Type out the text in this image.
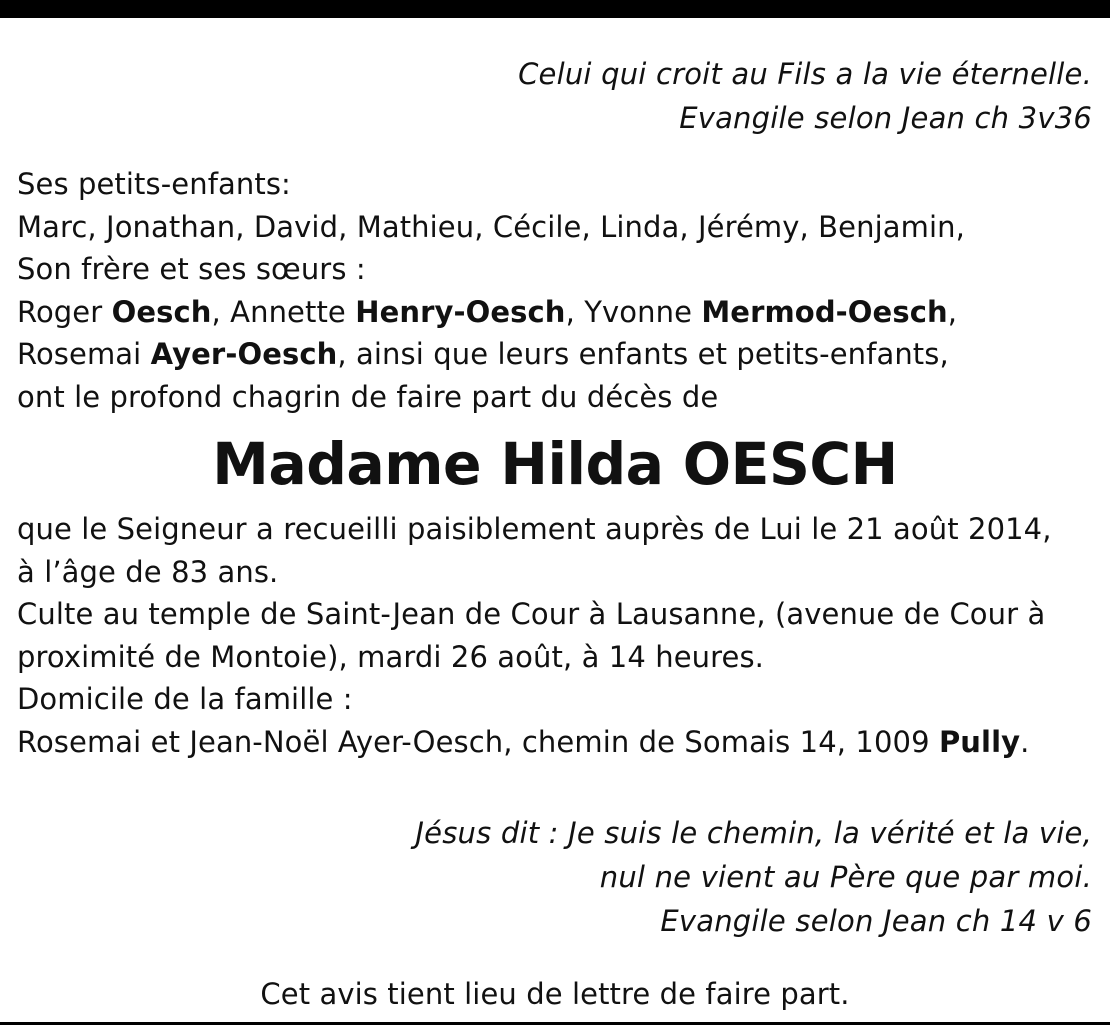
Celui qui croit au Fils a la vie éternelle.
Evangile selon Jean ch 3v36
Ses petits-enfants:
Marc, Jonathan, David, Mathieu, Cécile, Linda, Jérémy, Benjamin,
Son frère et ses sœurs :
Roger Oesch, Annette Henry-Oesch, Yvonne Mermod-Oesch,
Rosemai Ayer-Oesch, ainsi que leurs enfants et petits-enfants,
ont le profond chagrin de faire part du décès de
Madame Hilda OESCH
que le Seigneur a recueilli paisiblement auprès de Lui le 21 août 2014,
à l’âge de 83 ans.
Culte au temple de Saint-Jean de Cour à Lausanne, (avenue de Cour à
proximité de Montoie), mardi 26 août, à 14 heures.
Domicile de la famille :
Rosemai et Jean-Noël Ayer-Oesch, chemin de Somais 14, 1009 Pully.
Jésus dit : Je suis le chemin, la vérité et la vie,
nul ne vient au Père que par moi.
Evangile selon Jean ch 14 v 6
Cet avis tient lieu de lettre de faire part.
